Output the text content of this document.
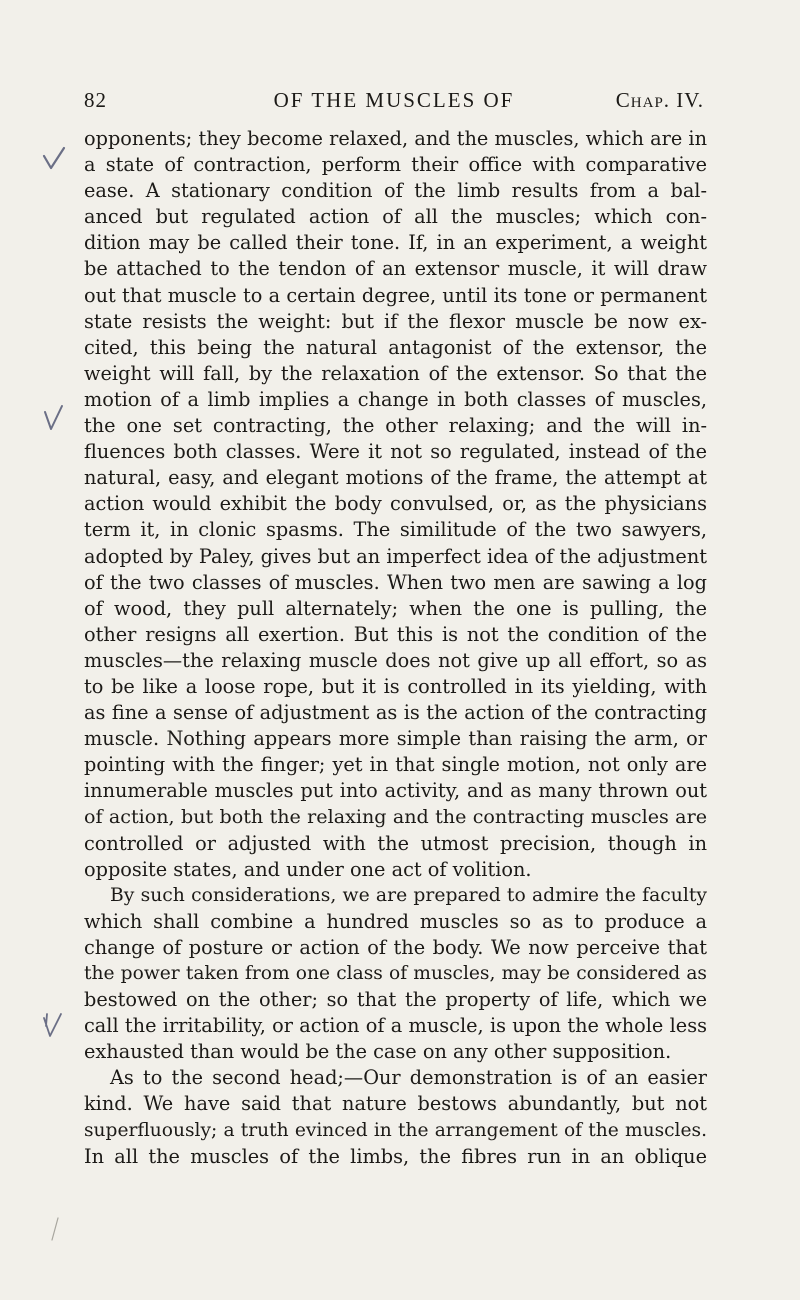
82	OF THE MUSCLES OF	Chap. IV.
opponents; they become relaxed, and the muscles, which are in
a state of contraction, perform their office with comparative
ease. A stationary condition of the limb results from a bal-
anced but regulated action of all the muscles; which con-
dition may be called their tone. If, in an experiment, a weight
be attached to the tendon of an extensor muscle, it will draw
out that muscle to a certain degree, until its tone or permanent
state resists the weight: but if the flexor muscle be now ex-
cited, this being the natural antagonist of the extensor, the
weight will fall, by the relaxation of the extensor. So that the
motion of a limb implies a change in both classes of muscles,
the one set contracting, the other relaxing; and the will in-
fluences both classes. Were it not so regulated, instead of the
natural, easy, and elegant motions of the frame, the attempt at
action would exhibit the body convulsed, or, as the physicians
term it, in clonic spasms. The similitude of the two sawyers,
adopted by Paley, gives but an imperfect idea of the adjustment
of the two classes of muscles. When two men are sawing a log
of wood, they pull alternately; when the one is pulling, the
other resigns all exertion. But this is not the condition of the
muscles—the relaxing muscle does not give up all effort, so as
to be like a loose rope, but it is controlled in its yielding, with
as fine a sense of adjustment as is the action of the contracting
muscle. Nothing appears more simple than raising the arm, or
pointing with the finger; yet in that single motion, not only are
innumerable muscles put into activity, and as many thrown out
of action, but both the relaxing and the contracting muscles are
controlled or adjusted with the utmost precision, though in
opposite states, and under one act of volition.
By such considerations, we are prepared to admire the faculty
which shall combine a hundred muscles so as to produce a
change of posture or action of the body. We now perceive that
the power taken from one class of muscles, may be considered as
bestowed on the other; so that the property of life, which we
call the irritability, or action of a muscle, is upon the whole less
exhausted than would be the case on any other supposition.
As to the second head;—Our demonstration is of an easier
kind. We have said that nature bestows abundantly, but not
superfluously; a truth evinced in the arrangement of the muscles.
In all the muscles of the limbs, the fibres run in an oblique
